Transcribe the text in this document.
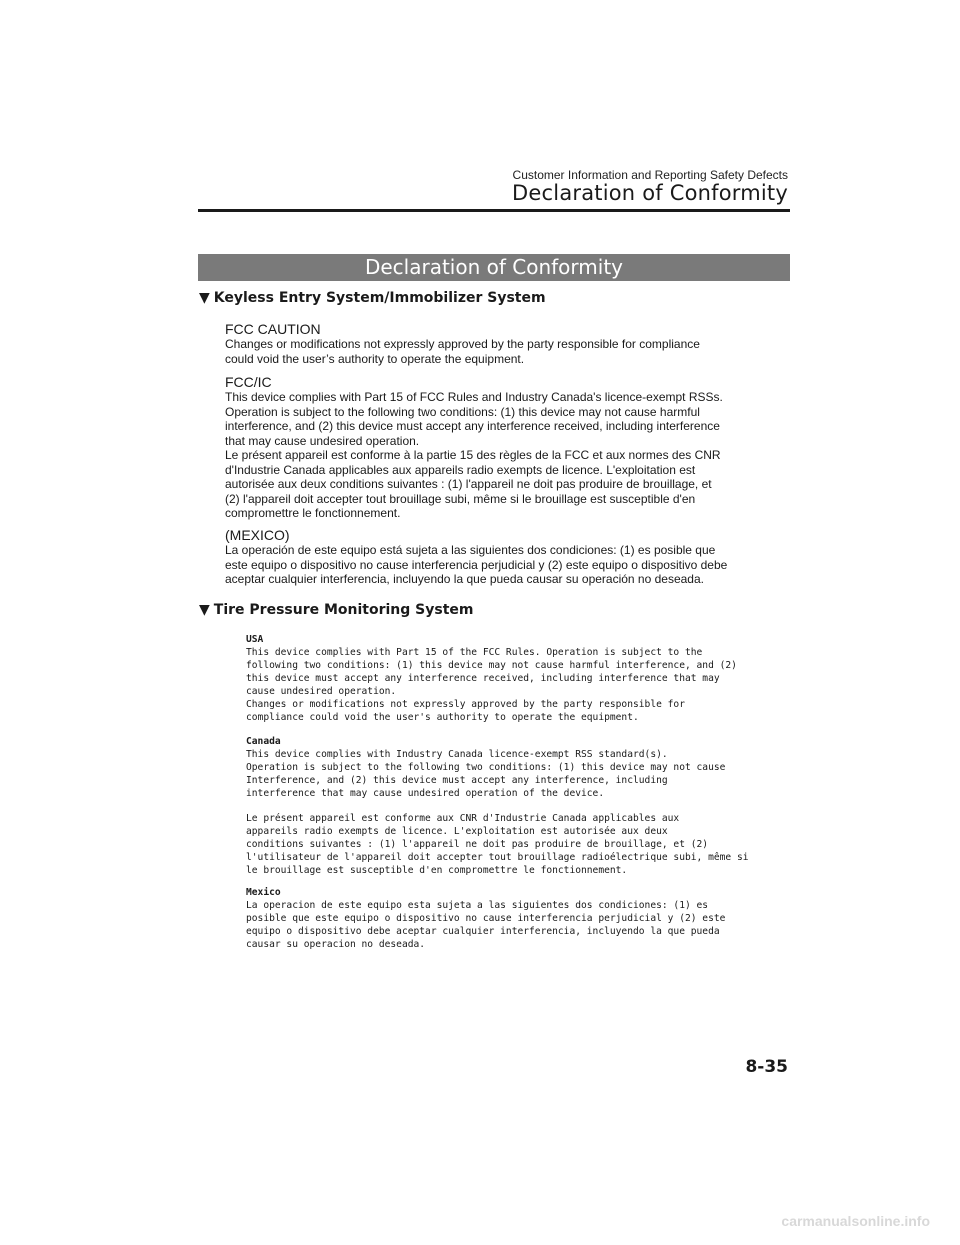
Customer Information and Reporting Safety Defects
Declaration of Conformity
Declaration of Conformity
▼ Keyless Entry System/Immobilizer System

FCC CAUTION

Changes or modifications not expressly approved by the party responsible for compliance
could void the user’s authority to operate the equipment.

FCC/IC

This device complies with Part 15 of FCC Rules and Industry Canada's licence-exempt RSSs.
Operation is subject to the following two conditions: (1) this device may not cause harmful
interference, and (2) this device must accept any interference received, including interference
that may cause undesired operation.
Le présent appareil est conforme à la partie 15 des règles de la FCC et aux normes des CNR
d'Industrie Canada applicables aux appareils radio exempts de licence. L'exploitation est
autorisée aux deux conditions suivantes : (1) l'appareil ne doit pas produire de brouillage, et
(2) l'appareil doit accepter tout brouillage subi, même si le brouillage est susceptible d'en
compromettre le fonctionnement.

(MEXICO)

La operación de este equipo está sujeta a las siguientes dos condiciones: (1) es posible que
este equipo o dispositivo no cause interferencia perjudicial y (2) este equipo o dispositivo debe
aceptar cualquier interferencia, incluyendo la que pueda causar su operación no deseada.

▼ Tire Pressure Monitoring System

USA

This device complies with Part 15 of the FCC Rules. Operation is subject to the
following two conditions: (1) this device may not cause harmful interference, and (2)
this device must accept any interference received, including interference that may
cause undesired operation.
Changes or modifications not expressly approved by the party responsible for
compliance could void the user's authority to operate the equipment.

Canada

This device complies with Industry Canada licence-exempt RSS standard(s).
Operation is subject to the following two conditions: (1) this device may not cause
Interference, and (2) this device must accept any interference, including
interference that may cause undesired operation of the device.

Le présent appareil est conforme aux CNR d'Industrie Canada applicables aux
appareils radio exempts de licence. L'exploitation est autorisée aux deux
conditions suivantes : (1) l'appareil ne doit pas produire de brouillage, et (2)
l'utilisateur de l'appareil doit accepter tout brouillage radioélectrique subi, même si
le brouillage est susceptible d'en compromettre le fonctionnement.

Mexico

La operacion de este equipo esta sujeta a las siguientes dos condiciones: (1) es
posible que este equipo o dispositivo no cause interferencia perjudicial y (2) este
equipo o dispositivo debe aceptar cualquier interferencia, incluyendo la que pueda
causar su operacion no deseada.

8-35
carmanualsonline.info
